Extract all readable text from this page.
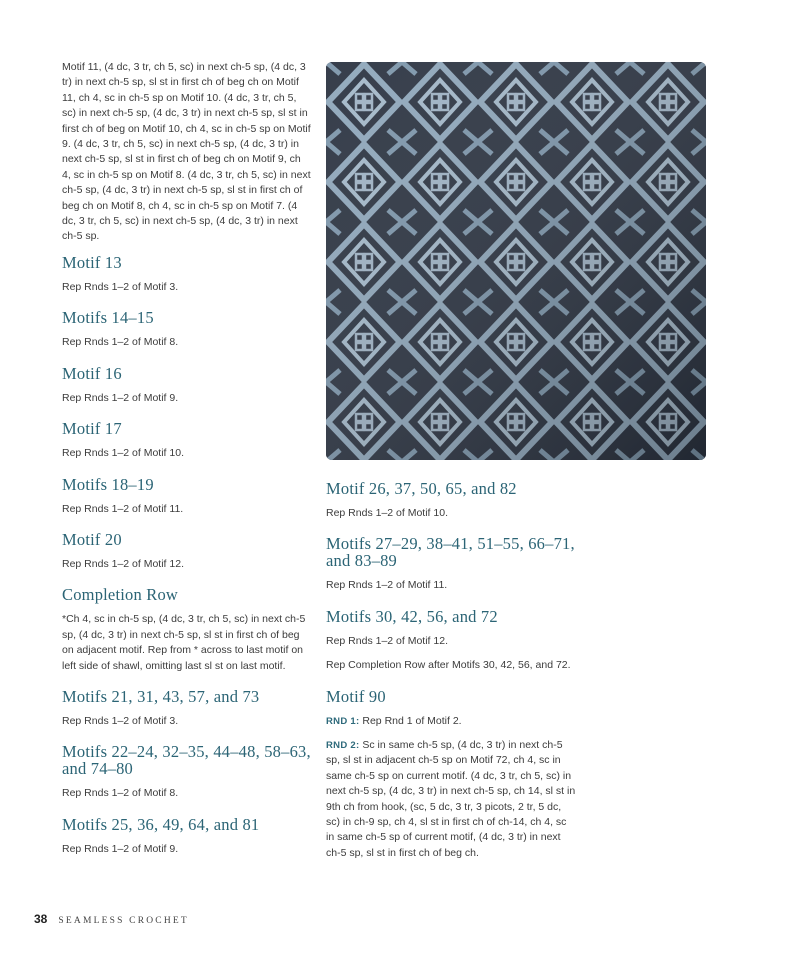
Motif 11, (4 dc, 3 tr, ch 5, sc) in next ch-5 sp, (4 dc, 3 tr) in next ch-5 sp, sl st in first ch of beg ch on Motif 11, ch 4, sc in ch-5 sp on Motif 10. (4 dc, 3 tr, ch 5, sc) in next ch-5 sp, (4 dc, 3 tr) in next ch-5 sp, sl st in first ch of beg on Motif 10, ch 4, sc in ch-5 sp on Motif 9. (4 dc, 3 tr, ch 5, sc) in next ch-5 sp, (4 dc, 3 tr) in next ch-5 sp, sl st in first ch of beg ch on Motif 9, ch 4, sc in ch-5 sp on Motif 8. (4 dc, 3 tr, ch 5, sc) in next ch-5 sp, (4 dc, 3 tr) in next ch-5 sp, sl st in first ch of beg ch on Motif 8, ch 4, sc in ch-5 sp on Motif 7. (4 dc, 3 tr, ch 5, sc) in next ch-5 sp, (4 dc, 3 tr) in next ch-5 sp.

Motif 13

Rep Rnds 1–2 of Motif 3.

Motifs 14–15

Rep Rnds 1–2 of Motif 8.

Motif 16

Rep Rnds 1–2 of Motif 9.

Motif 17

Rep Rnds 1–2 of Motif 10.

Motifs 18–19

Rep Rnds 1–2 of Motif 11.

Motif 20

Rep Rnds 1–2 of Motif 12.

Completion Row

*Ch 4, sc in ch-5 sp, (4 dc, 3 tr, ch 5, sc) in next ch-5 sp, (4 dc, 3 tr) in next ch-5 sp, sl st in first ch of beg on adjacent motif. Rep from * across to last motif on left side of shawl, omitting last sl st on last motif.

Motifs 21, 31, 43, 57, and 73

Rep Rnds 1–2 of Motif 3.

Motifs 22–24, 32–35, 44–48, 58–63, and 74–80

Rep Rnds 1–2 of Motif 8.

Motifs 25, 36, 49, 64, and 81

Rep Rnds 1–2 of Motif 9.

Motif 26, 37, 50, 65, and 82

Rep Rnds 1–2 of Motif 10.

Motifs 27–29, 38–41, 51–55, 66–71, and 83–89

Rep Rnds 1–2 of Motif 11.

Motifs 30, 42, 56, and 72

Rep Rnds 1–2 of Motif 12.

Rep Completion Row after Motifs 30, 42, 56, and 72.

Motif 90

RND 1: Rep Rnd 1 of Motif 2.

RND 2: Sc in same ch-5 sp, (4 dc, 3 tr) in next ch-5 sp, sl st in adjacent ch-5 sp on Motif 72, ch 4, sc in same ch-5 sp on current motif. (4 dc, 3 tr, ch 5, sc) in next ch-5 sp, (4 dc, 3 tr) in next ch-5 sp, ch 14, sl st in 9th ch from hook, (sc, 5 dc, 3 tr, 3 picots, 2 tr, 5 dc, sc) in ch-9 sp, ch 4, sl st in first ch of ch-14, ch 4, sc in same ch-5 sp of current motif, (4 dc, 3 tr) in next ch-5 sp, sl st in first ch of beg ch.

38 SEAMLESS CROCHET
